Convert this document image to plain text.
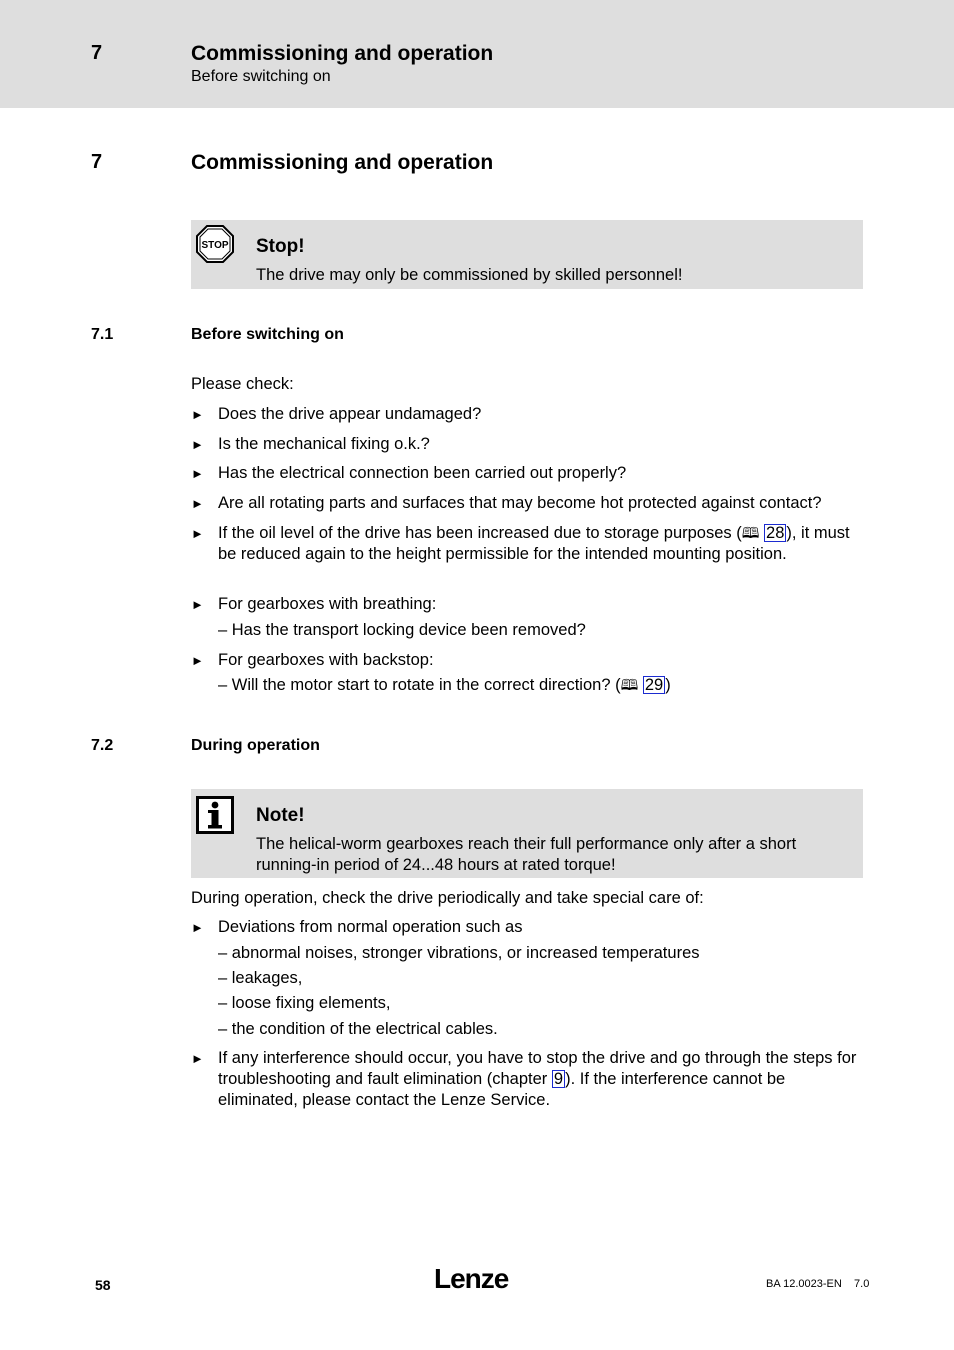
7	Commissioning and operation
Before switching on
7	Commissioning and operation
STOP Stop!
The drive may only be commissioned by skilled personnel!
7.1	Before switching on
Please check:
► Does the drive appear undamaged?
► Is the mechanical fixing o.k.?
► Has the electrical connection been carried out properly?
► Are all rotating parts and surfaces that may become hot protected against contact?
► If the oil level of the drive has been increased due to storage purposes (🕮 28 ), it must be reduced again to the height permissible for the intended mounting position.
► For gearboxes with breathing:
– Has the transport locking device been removed?
► For gearboxes with backstop:
– Will the motor start to rotate in the correct direction? (🕮 29 )
7.2	During operation
Note!
The helical-worm gearboxes reach their full performance only after a short running-in period of 24...48 hours at rated torque!
During operation, check the drive periodically and take special care of:
► Deviations from normal operation such as
– abnormal noises, stronger vibrations, or increased temperatures
– leakages,
– loose fixing elements,
– the condition of the electrical cables.
► If any interference should occur, you have to stop the drive and go through the steps for troubleshooting and fault elimination (chapter 9 ). If the interference cannot be eliminated, please contact the Lenze Service.
58	Lenze	BA 12.0023-EN    7.0
